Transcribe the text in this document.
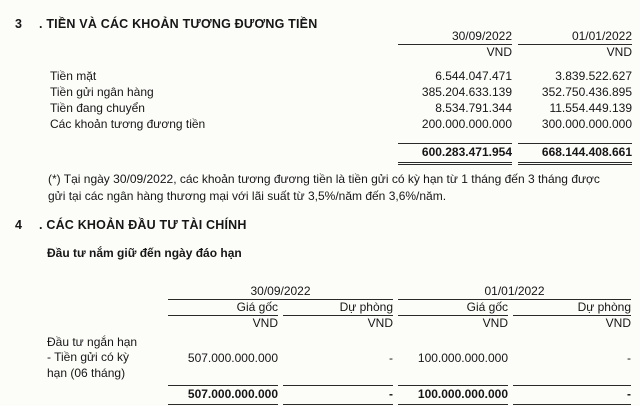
3	. TIỀN VÀ CÁC KHOẢN TƯƠNG ĐƯƠNG TIỀN
30/09/2022	01/01/2022
VND	VND
Tiền mặt	6.544.047.471	3.839.522.627
Tiền gửi ngân hàng	385.204.633.139	352.750.436.895
Tiền đang chuyển	8.534.791.344	11.554.449.139
Các khoản tương đương tiền	200.000.000.000	300.000.000.000
600.283.471.954	668.144.408.661
(*) Tại ngày 30/09/2022, các khoản tương đương tiền là tiền gửi có kỳ hạn từ 1 tháng đến 3 tháng được
gửi tại các ngân hàng thương mại với lãi suất từ 3,5%/năm đến 3,6%/năm.
4	. CÁC KHOẢN ĐẦU TƯ TÀI CHÍNH
Đầu tư nắm giữ đến ngày đáo hạn
30/09/2022	01/01/2022
Giá gốc	Dự phòng	Giá gốc	Dự phòng
VND	VND	VND	VND
Đầu tư ngắn hạn
- Tiền gửi có kỳ
hạn (06 tháng)
507.000.000.000	-	100.000.000.000	-
507.000.000.000	-	100.000.000.000	-
